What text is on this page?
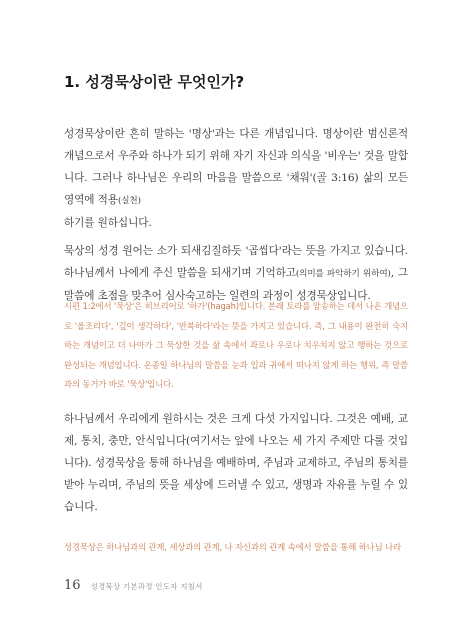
1. 성경묵상이란 무엇인가?

성경묵상이란 흔히 말하는 '명상'과는 다른 개념입니다. 명상이란 범신론적 개념으로서 우주와 하나가 되기 위해 자기 자신과 의식을 '비우는' 것을 말합니다. 그러나 하나님은 우리의 마음을 말씀으로 '채워'(골 3:16) 삶의 모든 영역에 적용(실천)
하기를 원하십니다.

묵상의 성경 원어는 소가 되새김질하듯 '곱씹다'라는 뜻을 가지고 있습니다. 하나님께서 나에게 주신 말씀을 되새기며 기억하고(의미를 파악하기 위하여), 그 말씀에 초점을 맞추어 심사숙고하는 일련의 과정이 성경묵상입니다.

시편 1:2에서 '묵상'은 히브리어로 '하가'(hagah)입니다. 본래 토라를 암송하는 데서 나온 개념으로 '올조리다', '깊이 생각하다', '반복하다'라는 뜻을 가지고 있습니다. 즉, 그 내용이 완전히 숙지하는 개념이고 더 나아가 그 묵상한 것을 삶 속에서 좌로나 우로나 치우치지 않고 행하는 것으로 완성되는 개념입니다. 온종일 하나님의 말씀을 눈과 입과 귀에서 떠나지 않게 하는 행위, 즉 말씀과의 동거가 바로 '묵상'입니다.

하나님께서 우리에게 원하시는 것은 크게 다섯 가지입니다. 그것은 예배, 교제, 통치, 충만, 안식입니다(여기서는 앞에 나오는 세 가지 주제만 다룰 것입니다). 성경묵상을 통해 하나님을 예배하며, 주님과 교제하고, 주님의 통치를 받아 누리며, 주님의 뜻을 세상에 드러낼 수 있고, 생명과 자유를 누릴 수 있습니다.

성경묵상은 하나님과의 관계, 세상과의 관계, 나 자신과의 관계 속에서 말씀을 통해 하나님 나라

16 성경묵상 기본과정 인도자 지침서
